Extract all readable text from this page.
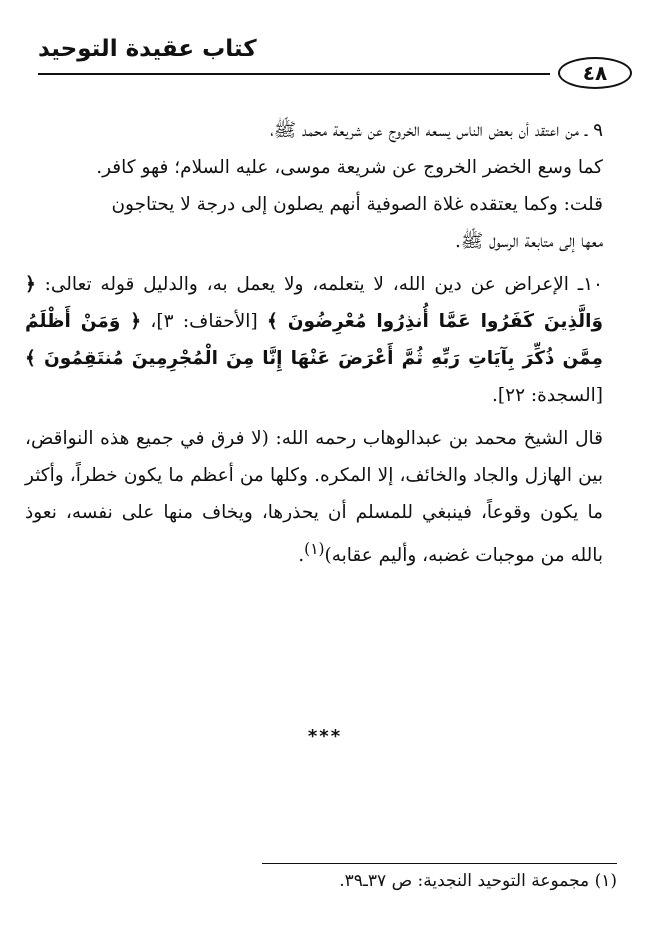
كتاب عقيدة التوحيد
٤٨

٩ ـ من اعتقد أن بعض الناس يسعه الخروج عن شريعة محمد ﷺ،

كما وسع الخضر الخروج عن شريعة موسى، عليه السلام؛ فهو كافر.

قلت: وكما يعتقده غلاة الصوفية أنهم يصلون إلى درجة لا يحتاجون

معها إلى متابعة الرسول ﷺ.

١٠ـ الإعراض عن دين الله، لا يتعلمه، ولا يعمل به، والدليل قوله تعالى: ﴿ وَالَّذِينَ كَفَرُوا عَمَّا أُنذِرُوا مُعْرِضُونَ ﴾ [الأحقاف: ٣]، ﴿ وَمَنْ أَظْلَمُ مِمَّن ذُكِّرَ بِآيَاتِ رَبِّهِ ثُمَّ أَعْرَضَ عَنْهَا إِنَّا مِنَ الْمُجْرِمِينَ مُنتَقِمُونَ ﴾ [السجدة: ٢٢].

قال الشيخ محمد بن عبدالوهاب رحمه الله: (لا فرق في جميع هذه النواقض، بين الهازل والجاد والخائف، إلا المكره. وكلها من أعظم ما يكون خطراً، وأكثر ما يكون وقوعاً، فينبغي للمسلم أن يحذرها، ويخاف منها على نفسه، نعوذ بالله من موجبات غضبه، وأليم عقابه)$^{(١)}$.

***
(١) مجموعة التوحيد النجدية: ص ٣٧ـ٣٩.
